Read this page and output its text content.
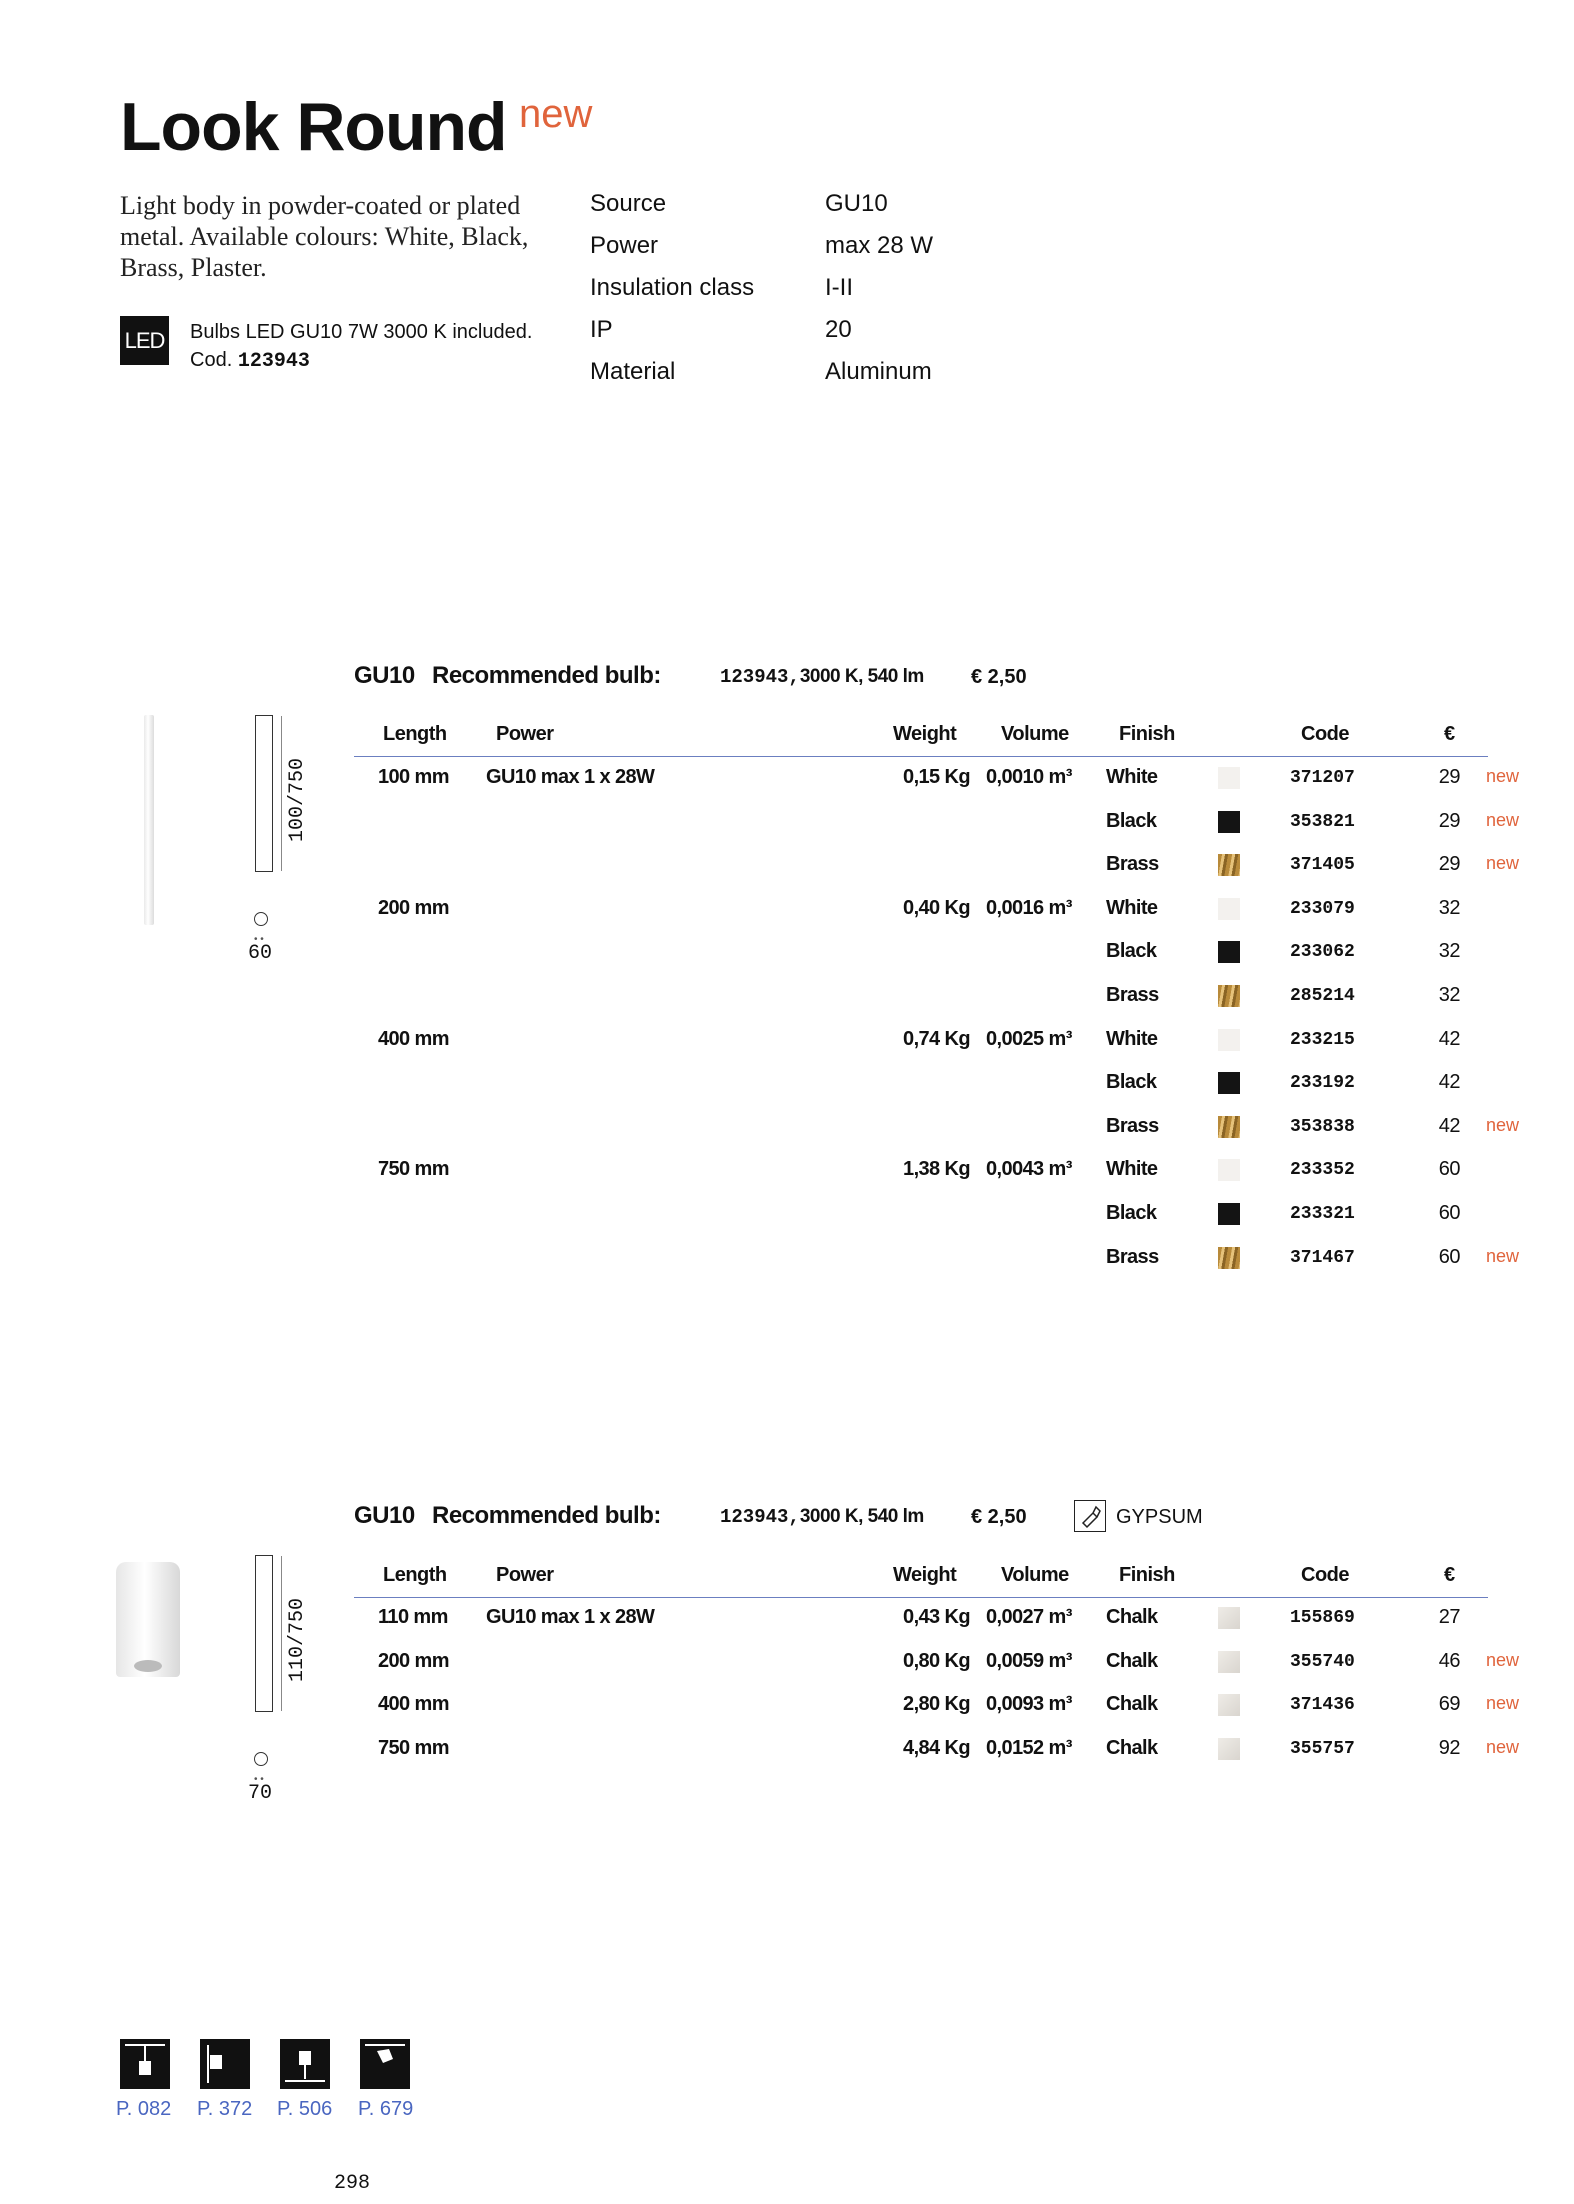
Look Round new
Light body in powder-coated or plated metal. Available colours: White, Black, Brass, Plaster.
LED Bulbs LED GU10 7W 3000 K included.
Cod. 123943
Source	GU10
Power	max 28 W
Insulation class	I-II
IP	20
Material	Aluminum
100/750
• •
60
GU10 Recommended bulb:	123943,3000 K, 540 lm € 2,50
Length Power	Weight Volume	Finish	Code	€
100 mm	GU10 max 1 x 28W	0,15 Kg 0,0010 m³	White	371207	29 new
Black	353821	29 new
Brass	371405	29 new
200 mm	0,40 Kg 0,0016 m³	White	233079	32
Black	233062	32
Brass	285214	32
400 mm	0,74 Kg 0,0025 m³	White	233215	42
Black	233192	42
Brass	353838	42 new
750 mm	1,38 Kg 0,0043 m³	White	233352	60
Black	233321	60
Brass	371467	60 new
110/750
• •
70
GU10 Recommended bulb:	123943,3000 K, 540 lm € 2,50	GYPSUM
Length Power	Weight Volume	Finish	Code	€
110 mm	GU10 max 1 x 28W	0,43 Kg 0,0027 m³	Chalk	155869	27
200 mm	0,80 Kg 0,0059 m³	Chalk	355740	46 new
400 mm	2,80 Kg 0,0093 m³	Chalk	371436	69 new
750 mm	4,84 Kg 0,0152 m³	Chalk	355757	92 new
P. 082 P. 372 P. 506 P. 679
298
